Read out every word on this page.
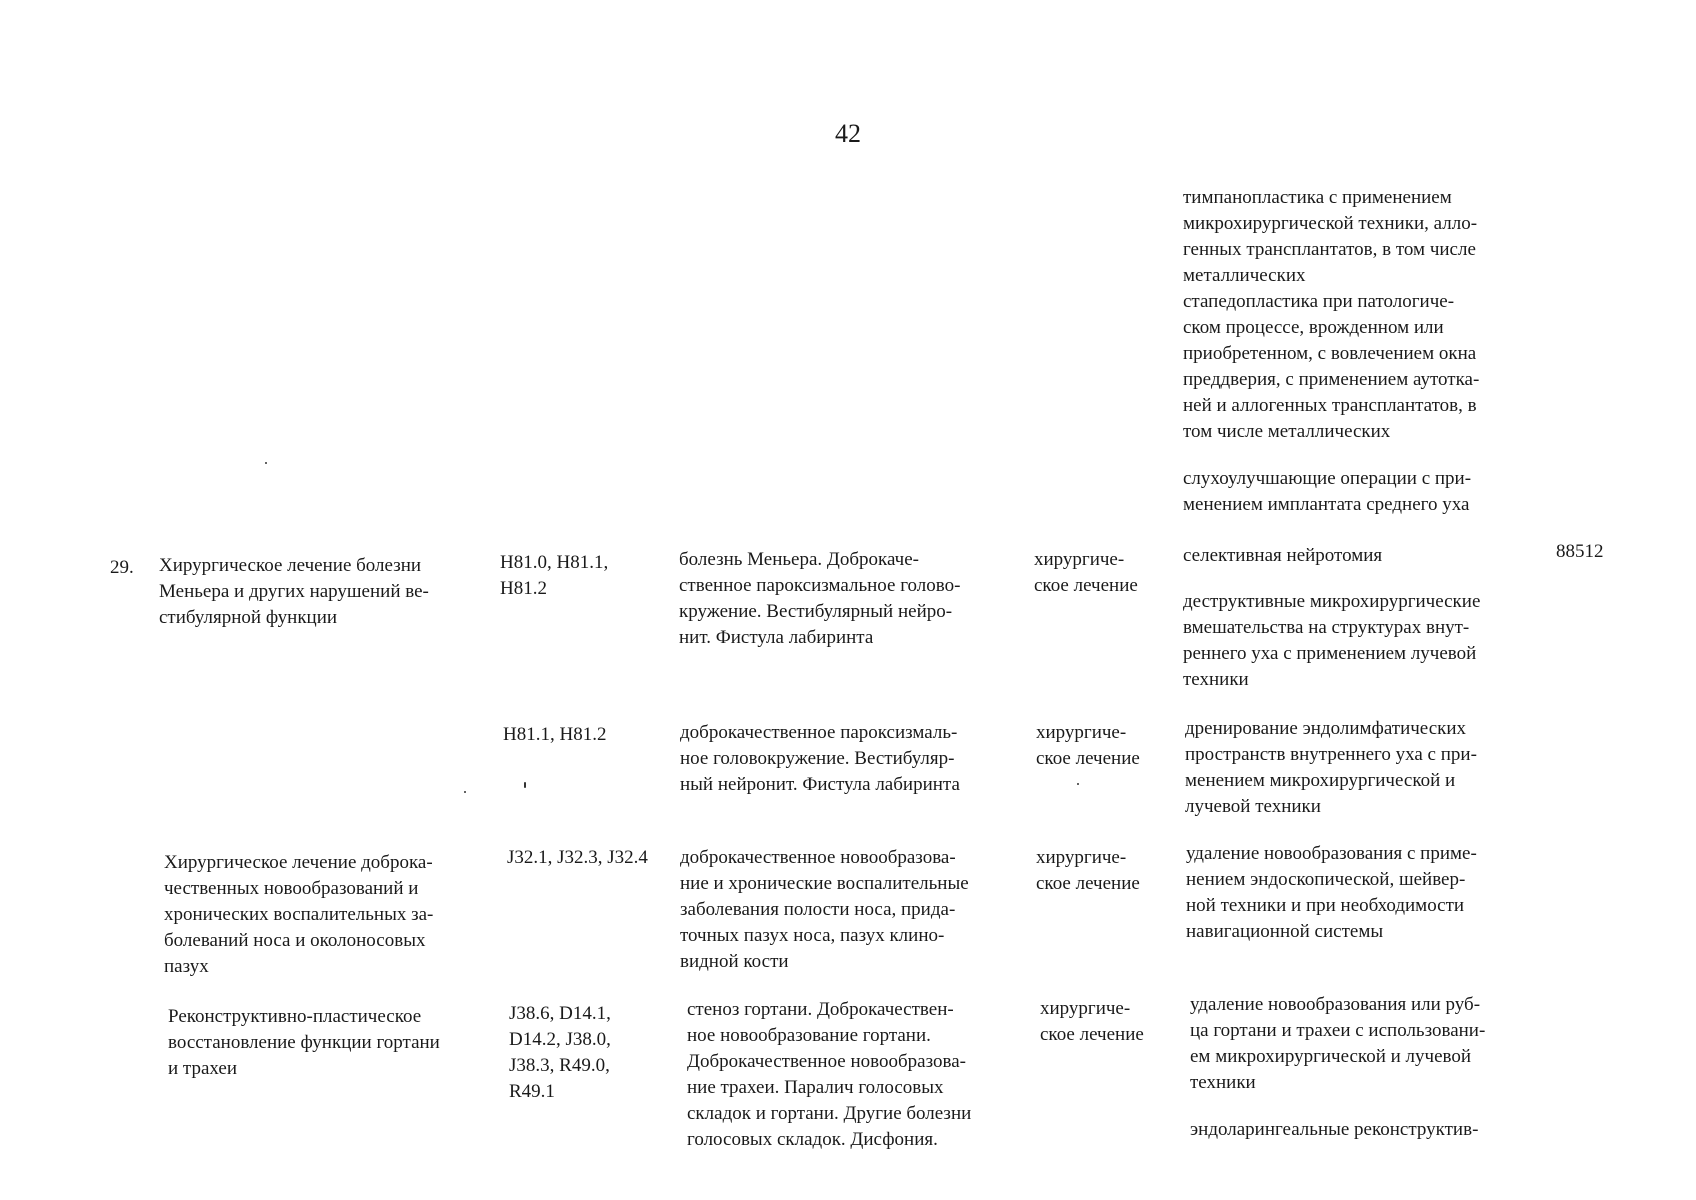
42
тимпанопластика с применением
микрохирургической техники, алло-
генных трансплантатов, в том числе
металлических
стапедопластика при патологиче-
ском процессе, врожденном или
приобретенном, с вовлечением окна
преддверия, с применением аутотка-
ней и аллогенных трансплантатов, в
том числе металлических
слухоулучшающие операции с при-
менением имплантата среднего уха
29. Хирургическое лечение болезни
Меньера и других нарушений ве-
стибулярной функции
88512
H81.0, H81.1,
H81.2
болезнь Меньера. Доброкаче-
ственное пароксизмальное голово-
кружение. Вестибулярный нейро-
нит. Фистула лабиринта
хирургиче-
ское лечение
селективная нейротомия
деструктивные микрохирургические
вмешательства на структурах внут-
реннего уха с применением лучевой
техники
H81.1, H81.2	доброкачественное пароксизмаль-
ное головокружение. Вестибуляр-
ный нейронит. Фистула лабиринта
хирургиче-
ское лечение
дренирование эндолимфатических
пространств внутреннего уха с при-
менением микрохирургической и
лучевой техники
Хирургическое лечение доброка-
чественных новообразований и
хронических воспалительных за-
болеваний носа и околоносовых
пазух
J32.1, J32.3, J32.4 доброкачественное новообразова-
ние и хронические воспалительные
заболевания полости носа, прида-
точных пазух носа, пазух клино-
видной кости
хирургиче-
ское лечение
удаление новообразования с приме-
нением эндоскопической, шейвер-
ной техники и при необходимости
навигационной системы
Реконструктивно-пластическое
восстановление функции гортани
и трахеи
J38.6, D14.1,
D14.2, J38.0,
J38.3, R49.0,
R49.1
стеноз гортани. Доброкачествен-
ное новообразование гортани.
Доброкачественное новообразова-
ние трахеи. Паралич голосовых
складок и гортани. Другие болезни
голосовых складок. Дисфония.
хирургиче-
ское лечение
удаление новообразования или руб-
ца гортани и трахеи с использовани-
ем микрохирургической и лучевой
техники
эндоларингеальные реконструктив-
